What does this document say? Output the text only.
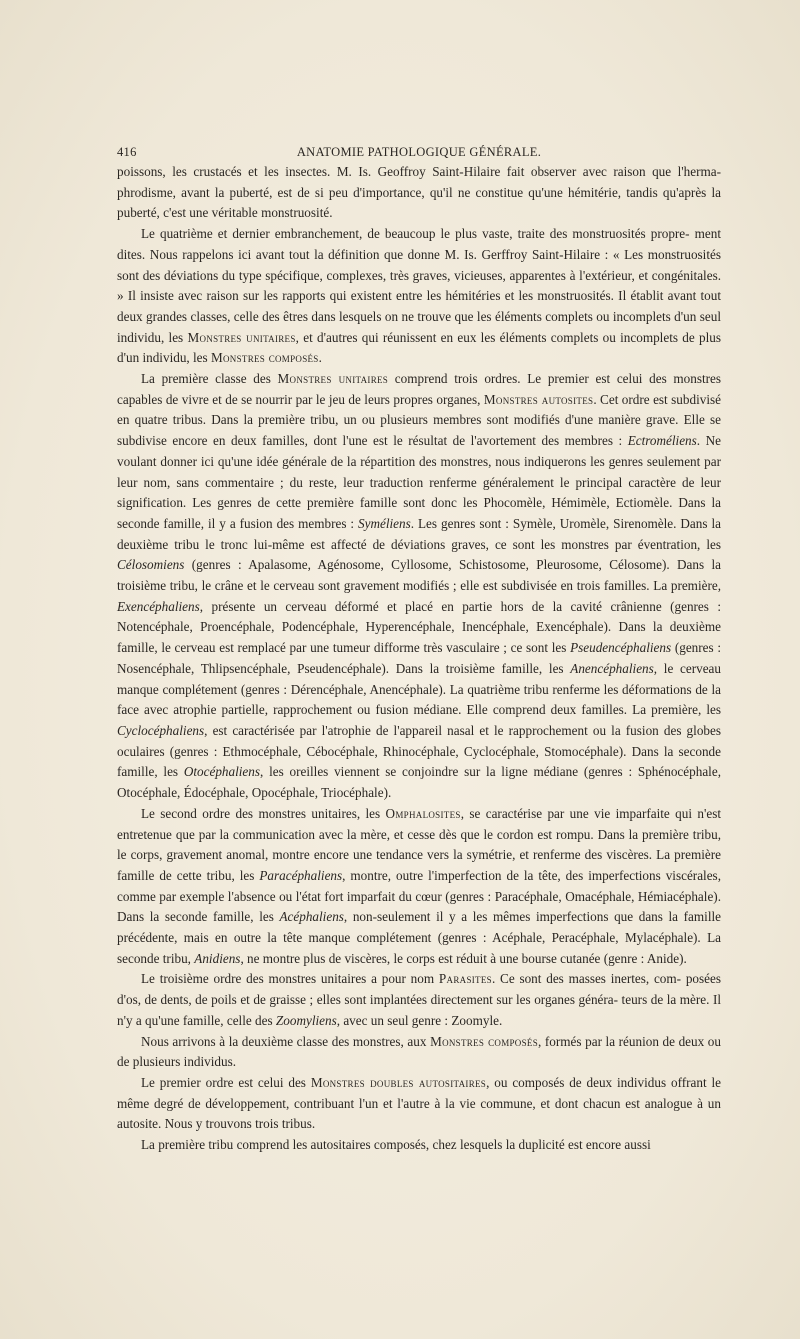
416	ANATOMIE PATHOLOGIQUE GÉNÉRALE.

poissons, les crustacés et les insectes. M. Is. Geoffroy Saint-Hilaire fait observer avec raison que l'herma- phrodisme, avant la puberté, est de si peu d'importance, qu'il ne constitue qu'une hémitérie, tandis qu'après la puberté, c'est une véritable monstruosité.

Le quatrième et dernier embranchement, de beaucoup le plus vaste, traite des monstruosités propre- ment dites. Nous rappelons ici avant tout la définition que donne M. Is. Gerffroy Saint-Hilaire : « Les monstruosités sont des déviations du type spécifique, complexes, très graves, vicieuses, apparentes à l'extérieur, et congénitales. » Il insiste avec raison sur les rapports qui existent entre les hémitéries et les monstruosités. Il établit avant tout deux grandes classes, celle des êtres dans lesquels on ne trouve que les éléments complets ou incomplets d'un seul individu, les Monstres unitaires, et d'autres qui réunissent en eux les éléments complets ou incomplets de plus d'un individu, les Monstres composés.

La première classe des Monstres unitaires comprend trois ordres. Le premier est celui des monstres capables de vivre et de se nourrir par le jeu de leurs propres organes, Monstres autosites. Cet ordre est subdivisé en quatre tribus. Dans la première tribu, un ou plusieurs membres sont modifiés d'une manière grave. Elle se subdivise encore en deux familles, dont l'une est le résultat de l'avortement des membres : Ectroméliens. Ne voulant donner ici qu'une idée générale de la répartition des monstres, nous indiquerons les genres seulement par leur nom, sans commentaire ; du reste, leur traduction renferme généralement le principal caractère de leur signification. Les genres de cette première famille sont donc les Phocomèle, Hémimèle, Ectiomèle. Dans la seconde famille, il y a fusion des membres : Syméliens. Les genres sont : Symèle, Uromèle, Sirenomèle. Dans la deuxième tribu le tronc lui-même est affecté de déviations graves, ce sont les monstres par éventration, les Célosomiens (genres : Apalasome, Agénosome, Cyllosome, Schistosome, Pleurosome, Célosome). Dans la troisième tribu, le crâne et le cerveau sont gravement modifiés ; elle est subdivisée en trois familles. La première, Exencéphaliens, présente un cerveau déformé et placé en partie hors de la cavité crânienne (genres : Notencéphale, Proencéphale, Podencéphale, Hyperencéphale, Inencéphale, Exencéphale). Dans la deuxième famille, le cerveau est remplacé par une tumeur difforme très vasculaire ; ce sont les Pseudencéphaliens (genres : Nosencéphale, Thlipsencéphale, Pseudencéphale). Dans la troisième famille, les Anencéphaliens, le cerveau manque complétement (genres : Dérencéphale, Anencéphale). La quatrième tribu renferme les déformations de la face avec atrophie partielle, rapprochement ou fusion médiane. Elle comprend deux familles. La première, les Cyclocéphaliens, est caractérisée par l'atrophie de l'appareil nasal et le rapprochement ou la fusion des globes oculaires (genres : Ethmocéphale, Cébocéphale, Rhinocéphale, Cyclocéphale, Stomocéphale). Dans la seconde famille, les Otocéphaliens, les oreilles viennent se conjoindre sur la ligne médiane (genres : Sphénocéphale, Otocéphale, Édocéphale, Opocéphale, Triocéphale).

Le second ordre des monstres unitaires, les Omphalosites, se caractérise par une vie imparfaite qui n'est entretenue que par la communication avec la mère, et cesse dès que le cordon est rompu. Dans la première tribu, le corps, gravement anomal, montre encore une tendance vers la symétrie, et renferme des viscères. La première famille de cette tribu, les Paracéphaliens, montre, outre l'imperfection de la tête, des imperfections viscérales, comme par exemple l'absence ou l'état fort imparfait du cœur (genres : Paracéphale, Omacéphale, Hémiacéphale). Dans la seconde famille, les Acéphaliens, non-seulement il y a les mêmes imperfections que dans la famille précédente, mais en outre la tête manque complétement (genres : Acéphale, Peracéphale, Mylacéphale). La seconde tribu, Anidiens, ne montre plus de viscères, le corps est réduit à une bourse cutanée (genre : Anide).

Le troisième ordre des monstres unitaires a pour nom Parasites. Ce sont des masses inertes, com- posées d'os, de dents, de poils et de graisse ; elles sont implantées directement sur les organes généra- teurs de la mère. Il n'y a qu'une famille, celle des Zoomyliens, avec un seul genre : Zoomyle.

Nous arrivons à la deuxième classe des monstres, aux Monstres composés, formés par la réunion de deux ou de plusieurs individus.

Le premier ordre est celui des Monstres doubles autositaires, ou composés de deux individus offrant le même degré de développement, contribuant l'un et l'autre à la vie commune, et dont chacun est analogue à un autosite. Nous y trouvons trois tribus.

La première tribu comprend les autositaires composés, chez lesquels la duplicité est encore aussi
